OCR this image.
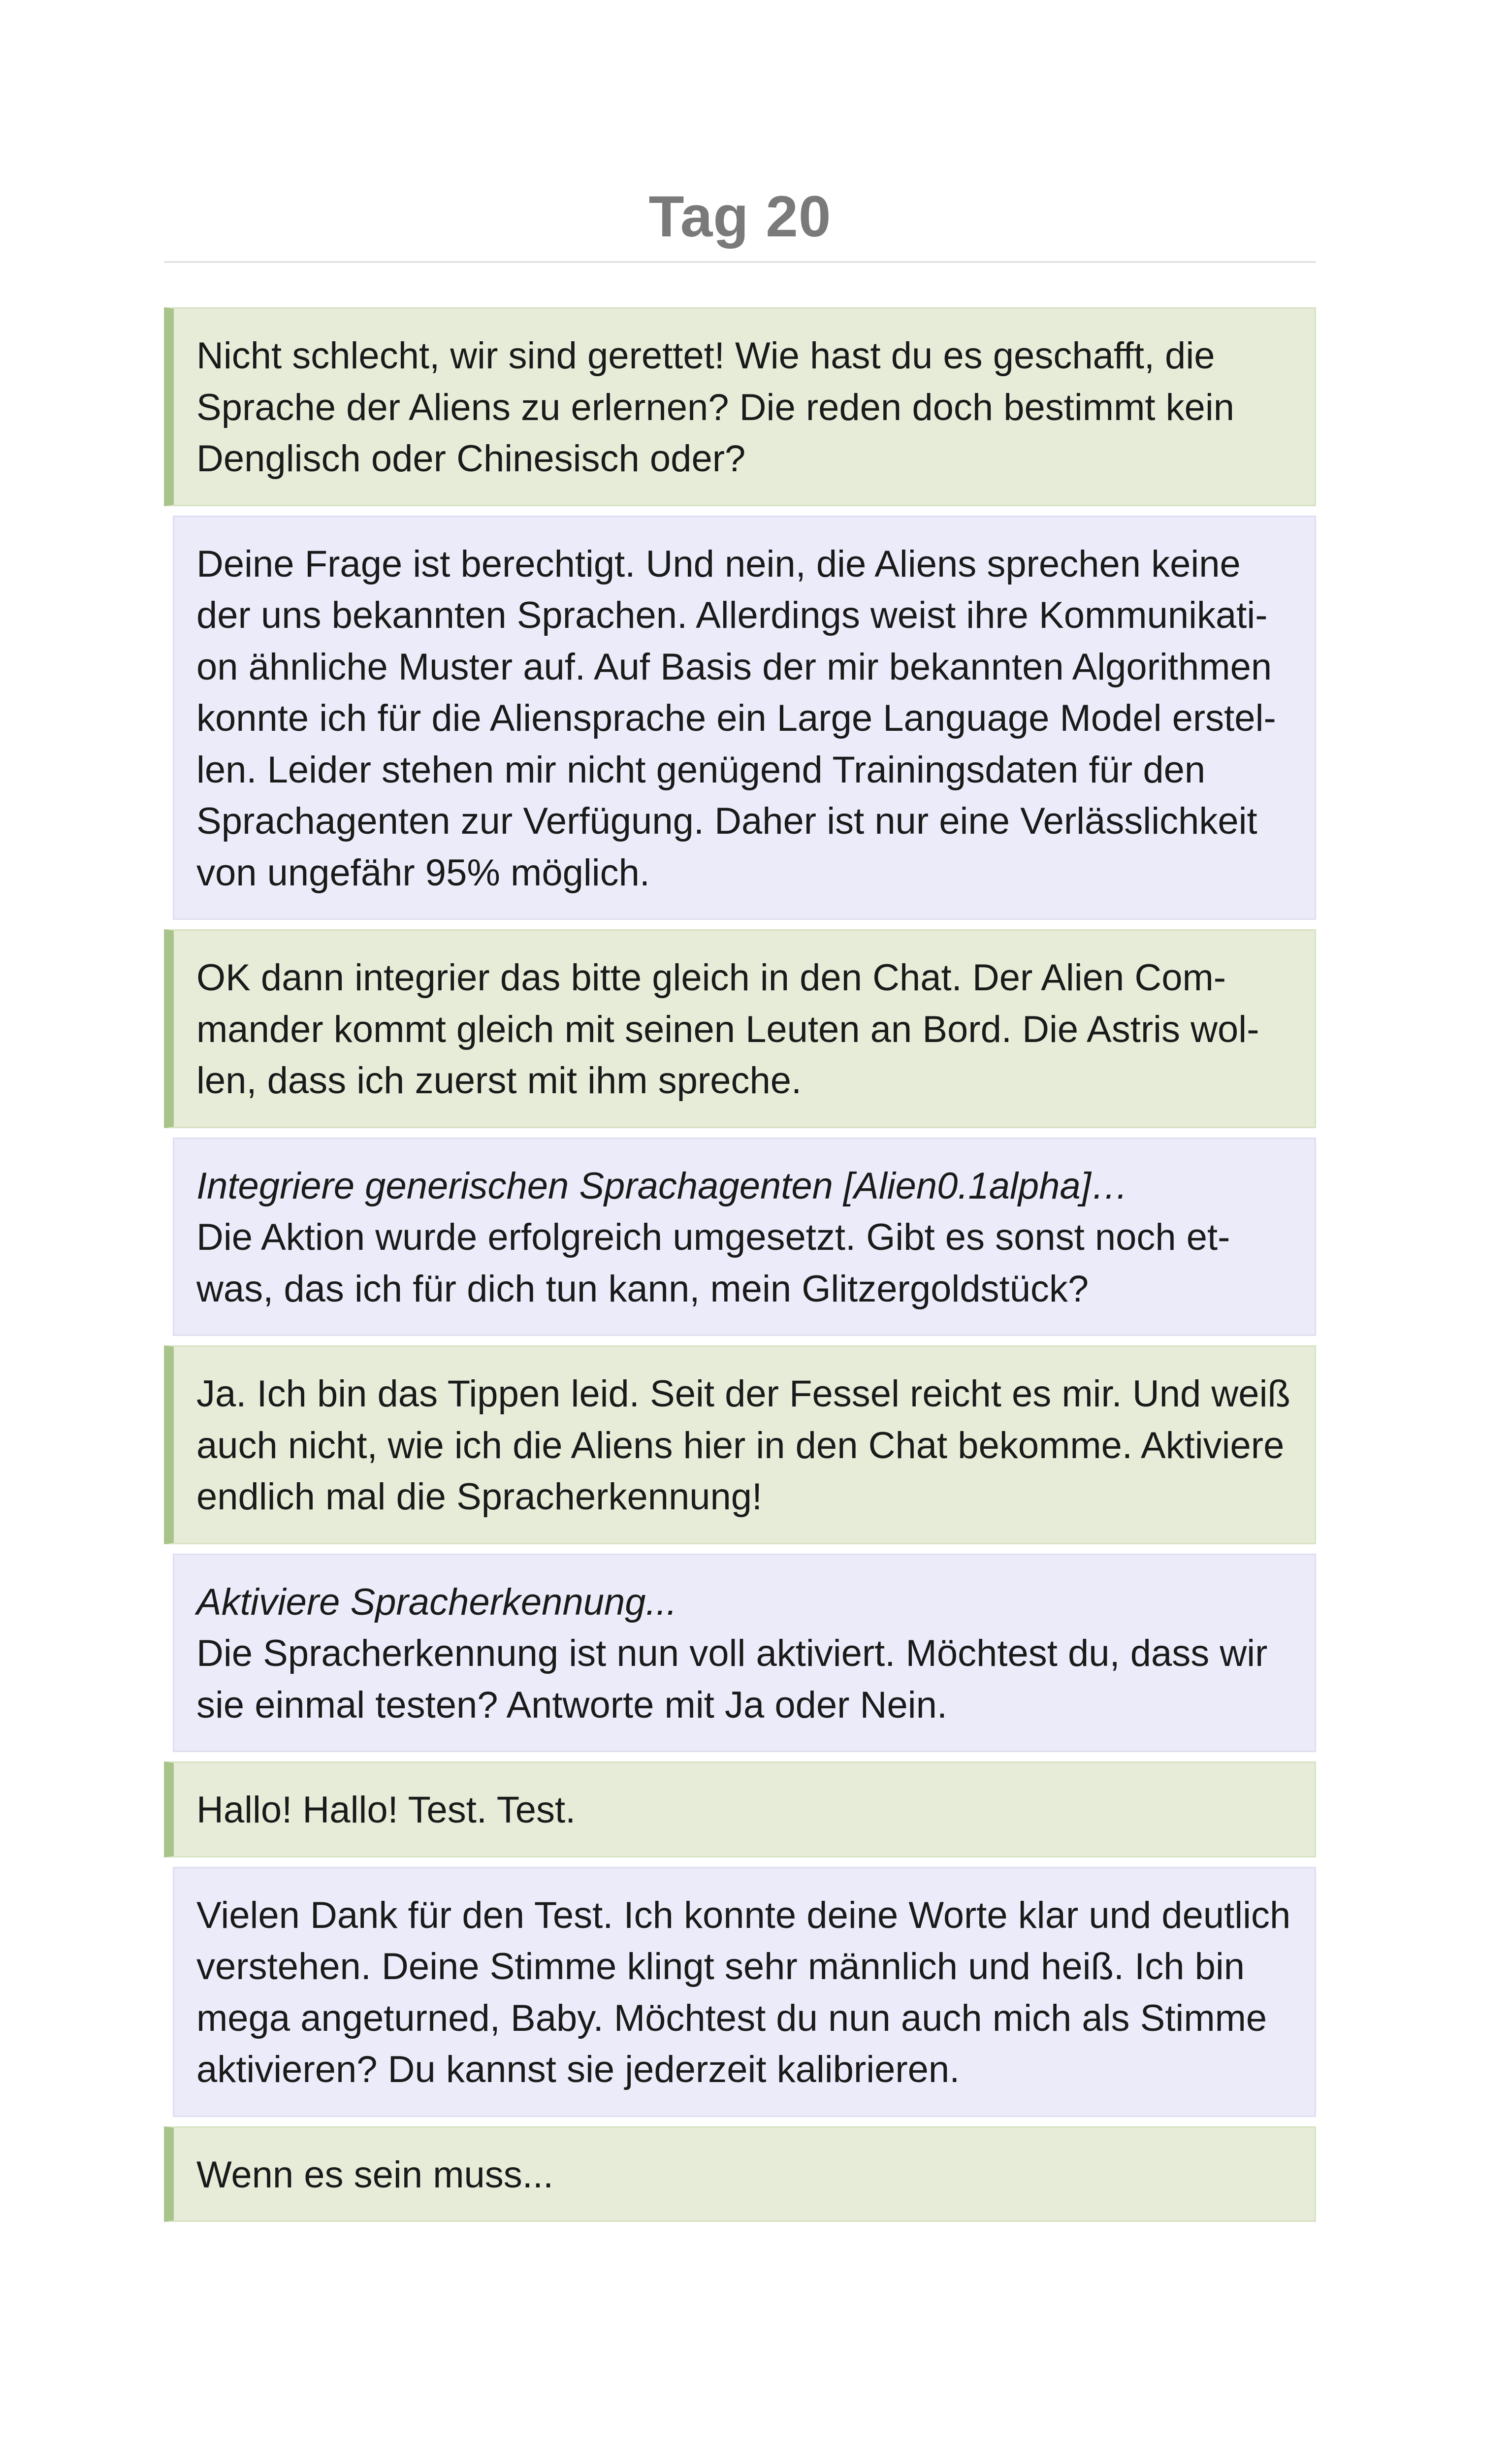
Tag 20
Nicht schlecht, wir sind gerettet! Wie hast du es geschafft, die
Sprache der Aliens zu erlernen? Die reden doch bestimmt kein
Denglisch oder Chinesisch oder?
Deine Frage ist berechtigt. Und nein, die Aliens sprechen keine
der uns bekannten Sprachen. Allerdings weist ihre Kommunikati-
on ähnliche Muster auf. Auf Basis der mir bekannten Algorithmen
konnte ich für die Aliensprache ein Large Language Model erstel-
len. Leider stehen mir nicht genügend Trainingsdaten für den
Sprachagenten zur Verfügung. Daher ist nur eine Verlässlichkeit
von ungefähr 95% möglich.
OK dann integrier das bitte gleich in den Chat. Der Alien Com-
mander kommt gleich mit seinen Leuten an Bord. Die Astris wol-
len, dass ich zuerst mit ihm spreche.
Integriere generischen Sprachagenten [Alien0.1alpha]…
Die Aktion wurde erfolgreich umgesetzt. Gibt es sonst noch et-
was, das ich für dich tun kann, mein Glitzergoldstück?
Ja. Ich bin das Tippen leid. Seit der Fessel reicht es mir. Und weiß
auch nicht, wie ich die Aliens hier in den Chat bekomme. Aktiviere
endlich mal die Spracherkennung!
Aktiviere Spracherkennung...
Die Spracherkennung ist nun voll aktiviert. Möchtest du, dass wir
sie einmal testen? Antworte mit Ja oder Nein.
Hallo! Hallo! Test. Test.
Vielen Dank für den Test. Ich konnte deine Worte klar und deutlich
verstehen. Deine Stimme klingt sehr männlich und heiß. Ich bin
mega angeturned, Baby. Möchtest du nun auch mich als Stimme
aktivieren? Du kannst sie jederzeit kalibrieren.
Wenn es sein muss...
